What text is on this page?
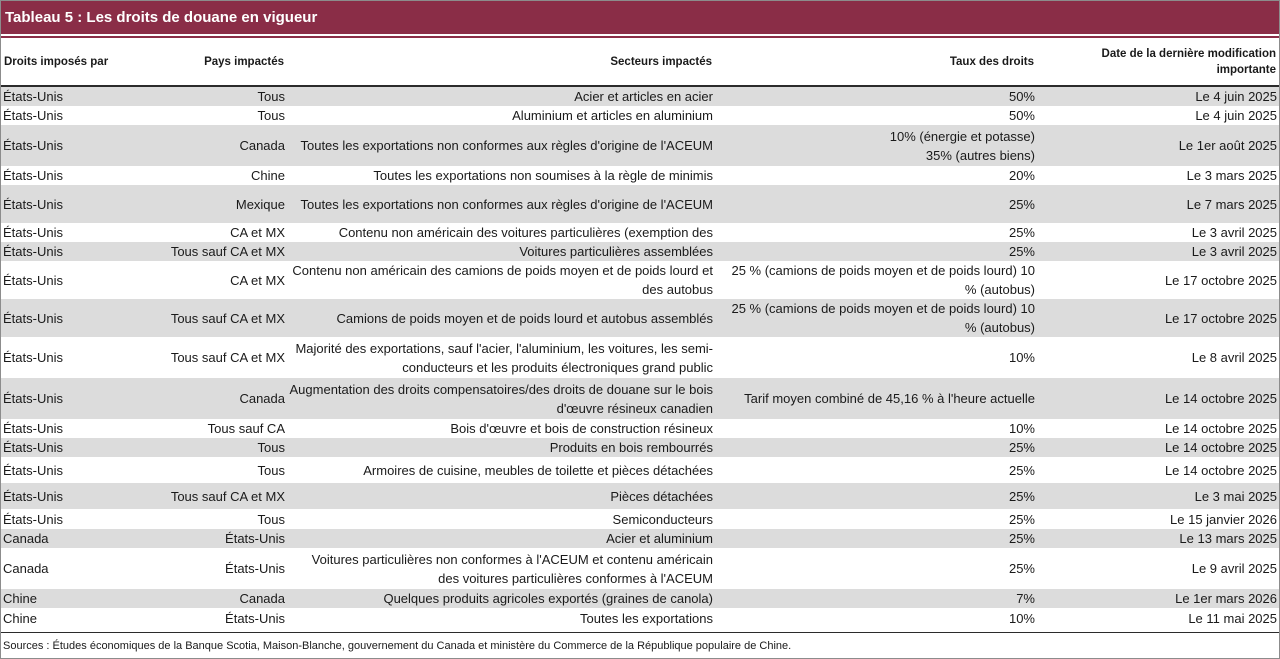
Tableau 5 : Les droits de douane en vigueur
Droits imposés par	Pays impactés	Secteurs impactés	Taux des droits	Date de la dernière modification
importante
États-Unis	Tous	Acier et articles en acier	50%	Le 4 juin 2025
États-Unis	Tous	Aluminium et articles en aluminium	50%	Le 4 juin 2025
États-Unis	Canada	Toutes les exportations non conformes aux règles d'origine de l'ACEUM	10% (énergie et potasse) 35% (autres biens)	Le 1er août 2025
États-Unis	Chine	Toutes les exportations non soumises à la règle de minimis	20%	Le 3 mars 2025
États-Unis	Mexique	Toutes les exportations non conformes aux règles d'origine de l'ACEUM	25%	Le 7 mars 2025
États-Unis	CA et MX	Contenu non américain des voitures particulières (exemption des	25%	Le 3 avril 2025
États-Unis	Tous sauf CA et MX	Voitures particulières assemblées	25%	Le 3 avril 2025
États-Unis	CA et MX	Contenu non américain des camions de poids moyen et de poids lourd et des autobus	25 % (camions de poids moyen et de poids lourd) 10 % (autobus)	Le 17 octobre 2025
États-Unis	Tous sauf CA et MX	Camions de poids moyen et de poids lourd et autobus assemblés	25 % (camions de poids moyen et de poids lourd) 10 % (autobus)	Le 17 octobre 2025
États-Unis	Tous sauf CA et MX	Majorité des exportations, sauf l'acier, l'aluminium, les voitures, les semi-conducteurs et les produits électroniques grand public	10%	Le 8 avril 2025
États-Unis	Canada	Augmentation des droits compensatoires/des droits de douane sur le bois d'œuvre résineux canadien	Tarif moyen combiné de 45,16 % à l'heure actuelle	Le 14 octobre 2025
États-Unis	Tous sauf CA	Bois d'œuvre et bois de construction résineux	10%	Le 14 octobre 2025
États-Unis	Tous	Produits en bois rembourrés	25%	Le 14 octobre 2025
États-Unis	Tous	Armoires de cuisine, meubles de toilette et pièces détachées	25%	Le 14 octobre 2025
États-Unis	Tous sauf CA et MX	Pièces détachées	25%	Le 3 mai 2025
États-Unis	Tous	Semiconducteurs	25%	Le 15 janvier 2026
Canada	États-Unis	Acier et aluminium	25%	Le 13 mars 2025
Canada	États-Unis	Voitures particulières non conformes à l'ACEUM et contenu américain des voitures particulières conformes à l'ACEUM	25%	Le 9 avril 2025
Chine	Canada	Quelques produits agricoles exportés (graines de canola)	7%	Le 1er mars 2026
Chine	États-Unis	Toutes les exportations	10%	Le 11 mai 2025
Sources : Études économiques de la Banque Scotia, Maison-Blanche, gouvernement du Canada et ministère du Commerce de la République populaire de Chine.
